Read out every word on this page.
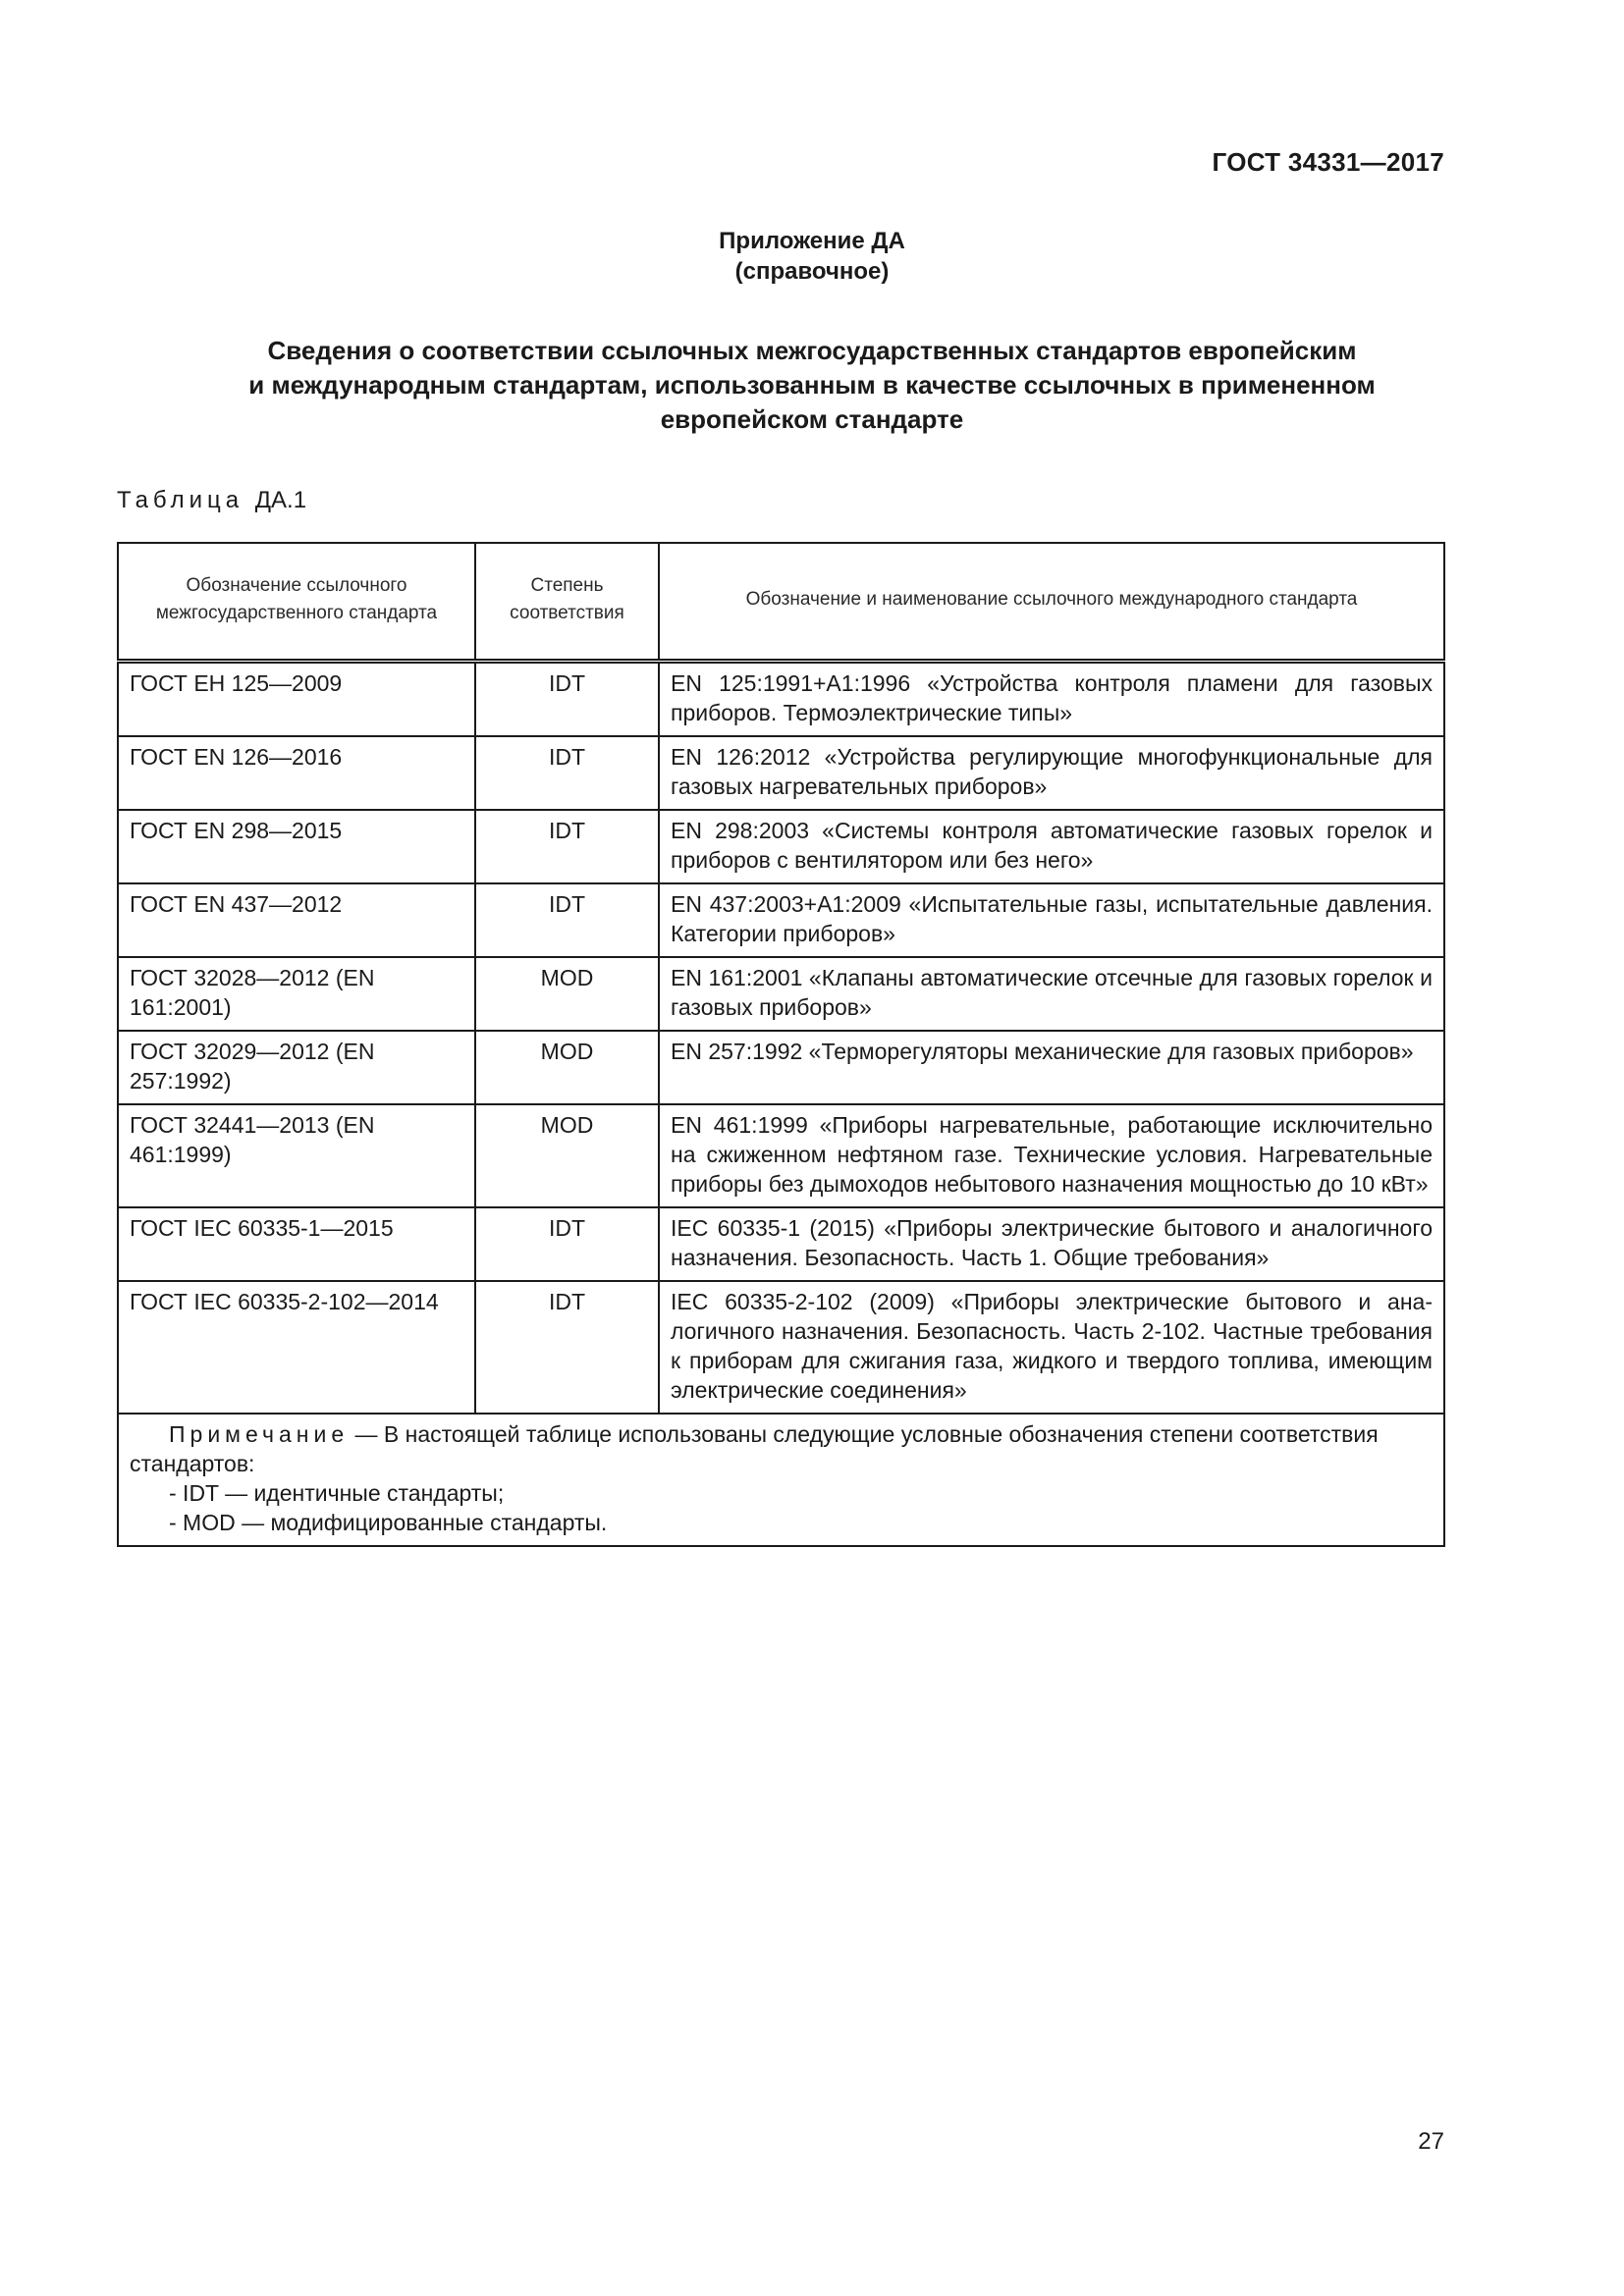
ГОСТ 34331—2017
Приложение ДА
(справочное)
Сведения о соответствии ссылочных межгосударственных стандартов европейским
и международным стандартам, использованным в качестве ссылочных в примененном
европейском стандарте
Таблица ДА.1
Обозначение ссылочного межгосударственного стандарта	Степень соответствия	Обозначение и наименование ссылочного международного стандарта
ГОСТ ЕН 125—2009	IDT	EN 125:1991+A1:1996 «Устройства контроля пламени для газовых приборов. Термоэлектрические типы»
ГОСТ EN 126—2016	IDT	EN 126:2012 «Устройства регулирующие многофункциональные для газовых нагревательных приборов»
ГОСТ EN 298—2015	IDT	EN 298:2003 «Системы контроля автоматические газовых горелок и приборов с вентилятором или без него»
ГОСТ EN 437—2012	IDT	EN 437:2003+A1:2009 «Испытательные газы, испытательные давления. Категории приборов»
ГОСТ 32028—2012 (EN 161:2001)	MOD	EN 161:2001 «Клапаны автоматические отсечные для газовых горелок и газовых приборов»
ГОСТ 32029—2012 (EN 257:1992)	MOD	EN 257:1992 «Терморегуляторы механические для газовых приборов»
ГОСТ 32441—2013 (EN 461:1999)	MOD	EN 461:1999 «Приборы нагревательные, работающие исключительно на сжиженном нефтяном газе. Технические условия. Нагревательные приборы без дымоходов небытового назначения мощностью до 10 кВт»
ГОСТ IEC 60335-1—2015	IDT	IEC 60335-1 (2015) «Приборы электрические бытового и аналогичного назначения. Безопасность. Часть 1. Общие требования»
ГОСТ IEC 60335-2-102—2014	IDT	IEC 60335-2-102 (2009) «Приборы электрические бытового и аналогичного назначения. Безопасность. Часть 2-102. Частные требования к приборам для сжигания газа, жидкого и твердого топлива, имеющим электрические соединения»

Примечание — В настоящей таблице использованы следующие условные обозначения степени соответствия стандартов:
- IDT — идентичные стандарты;
- MOD — модифицированные стандарты.		
27
